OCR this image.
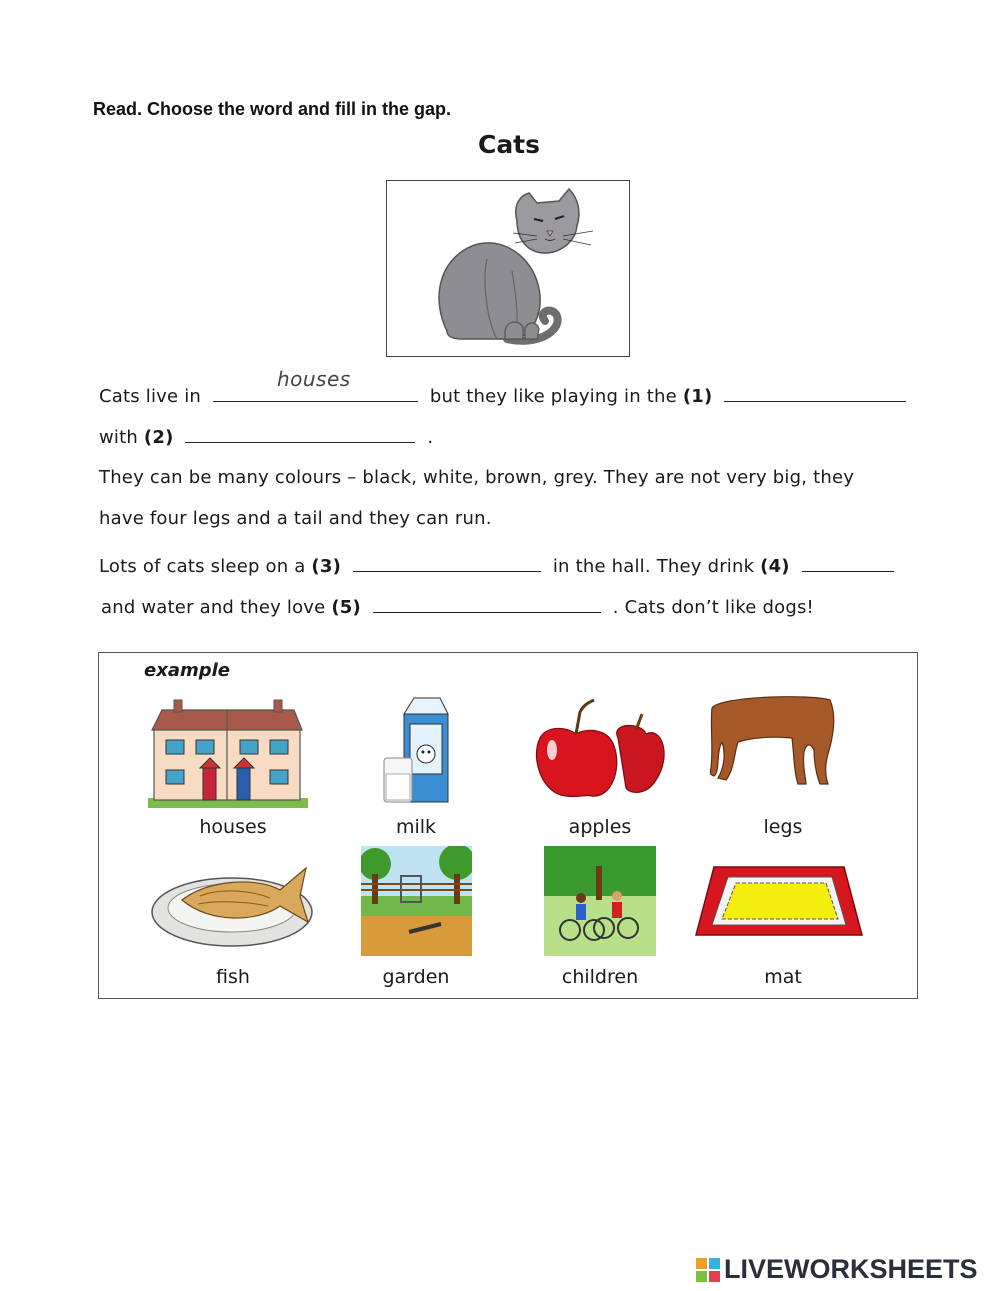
Read. Choose the word and fill in the gap.
Cats
Cats live in
houses
but they like playing in the (1)
with (2)	.
They can be many colours – black, white, brown, grey. They are not very big, they
have four legs and a tail and they can run.
Lots of cats sleep on a (3)	in the hall. They drink (4)
and water and they love (5)	. Cats don’t like dogs!
example
houses	milk	apples	legs
fish	garden	children	mat
LIVEWORKSHEETS
